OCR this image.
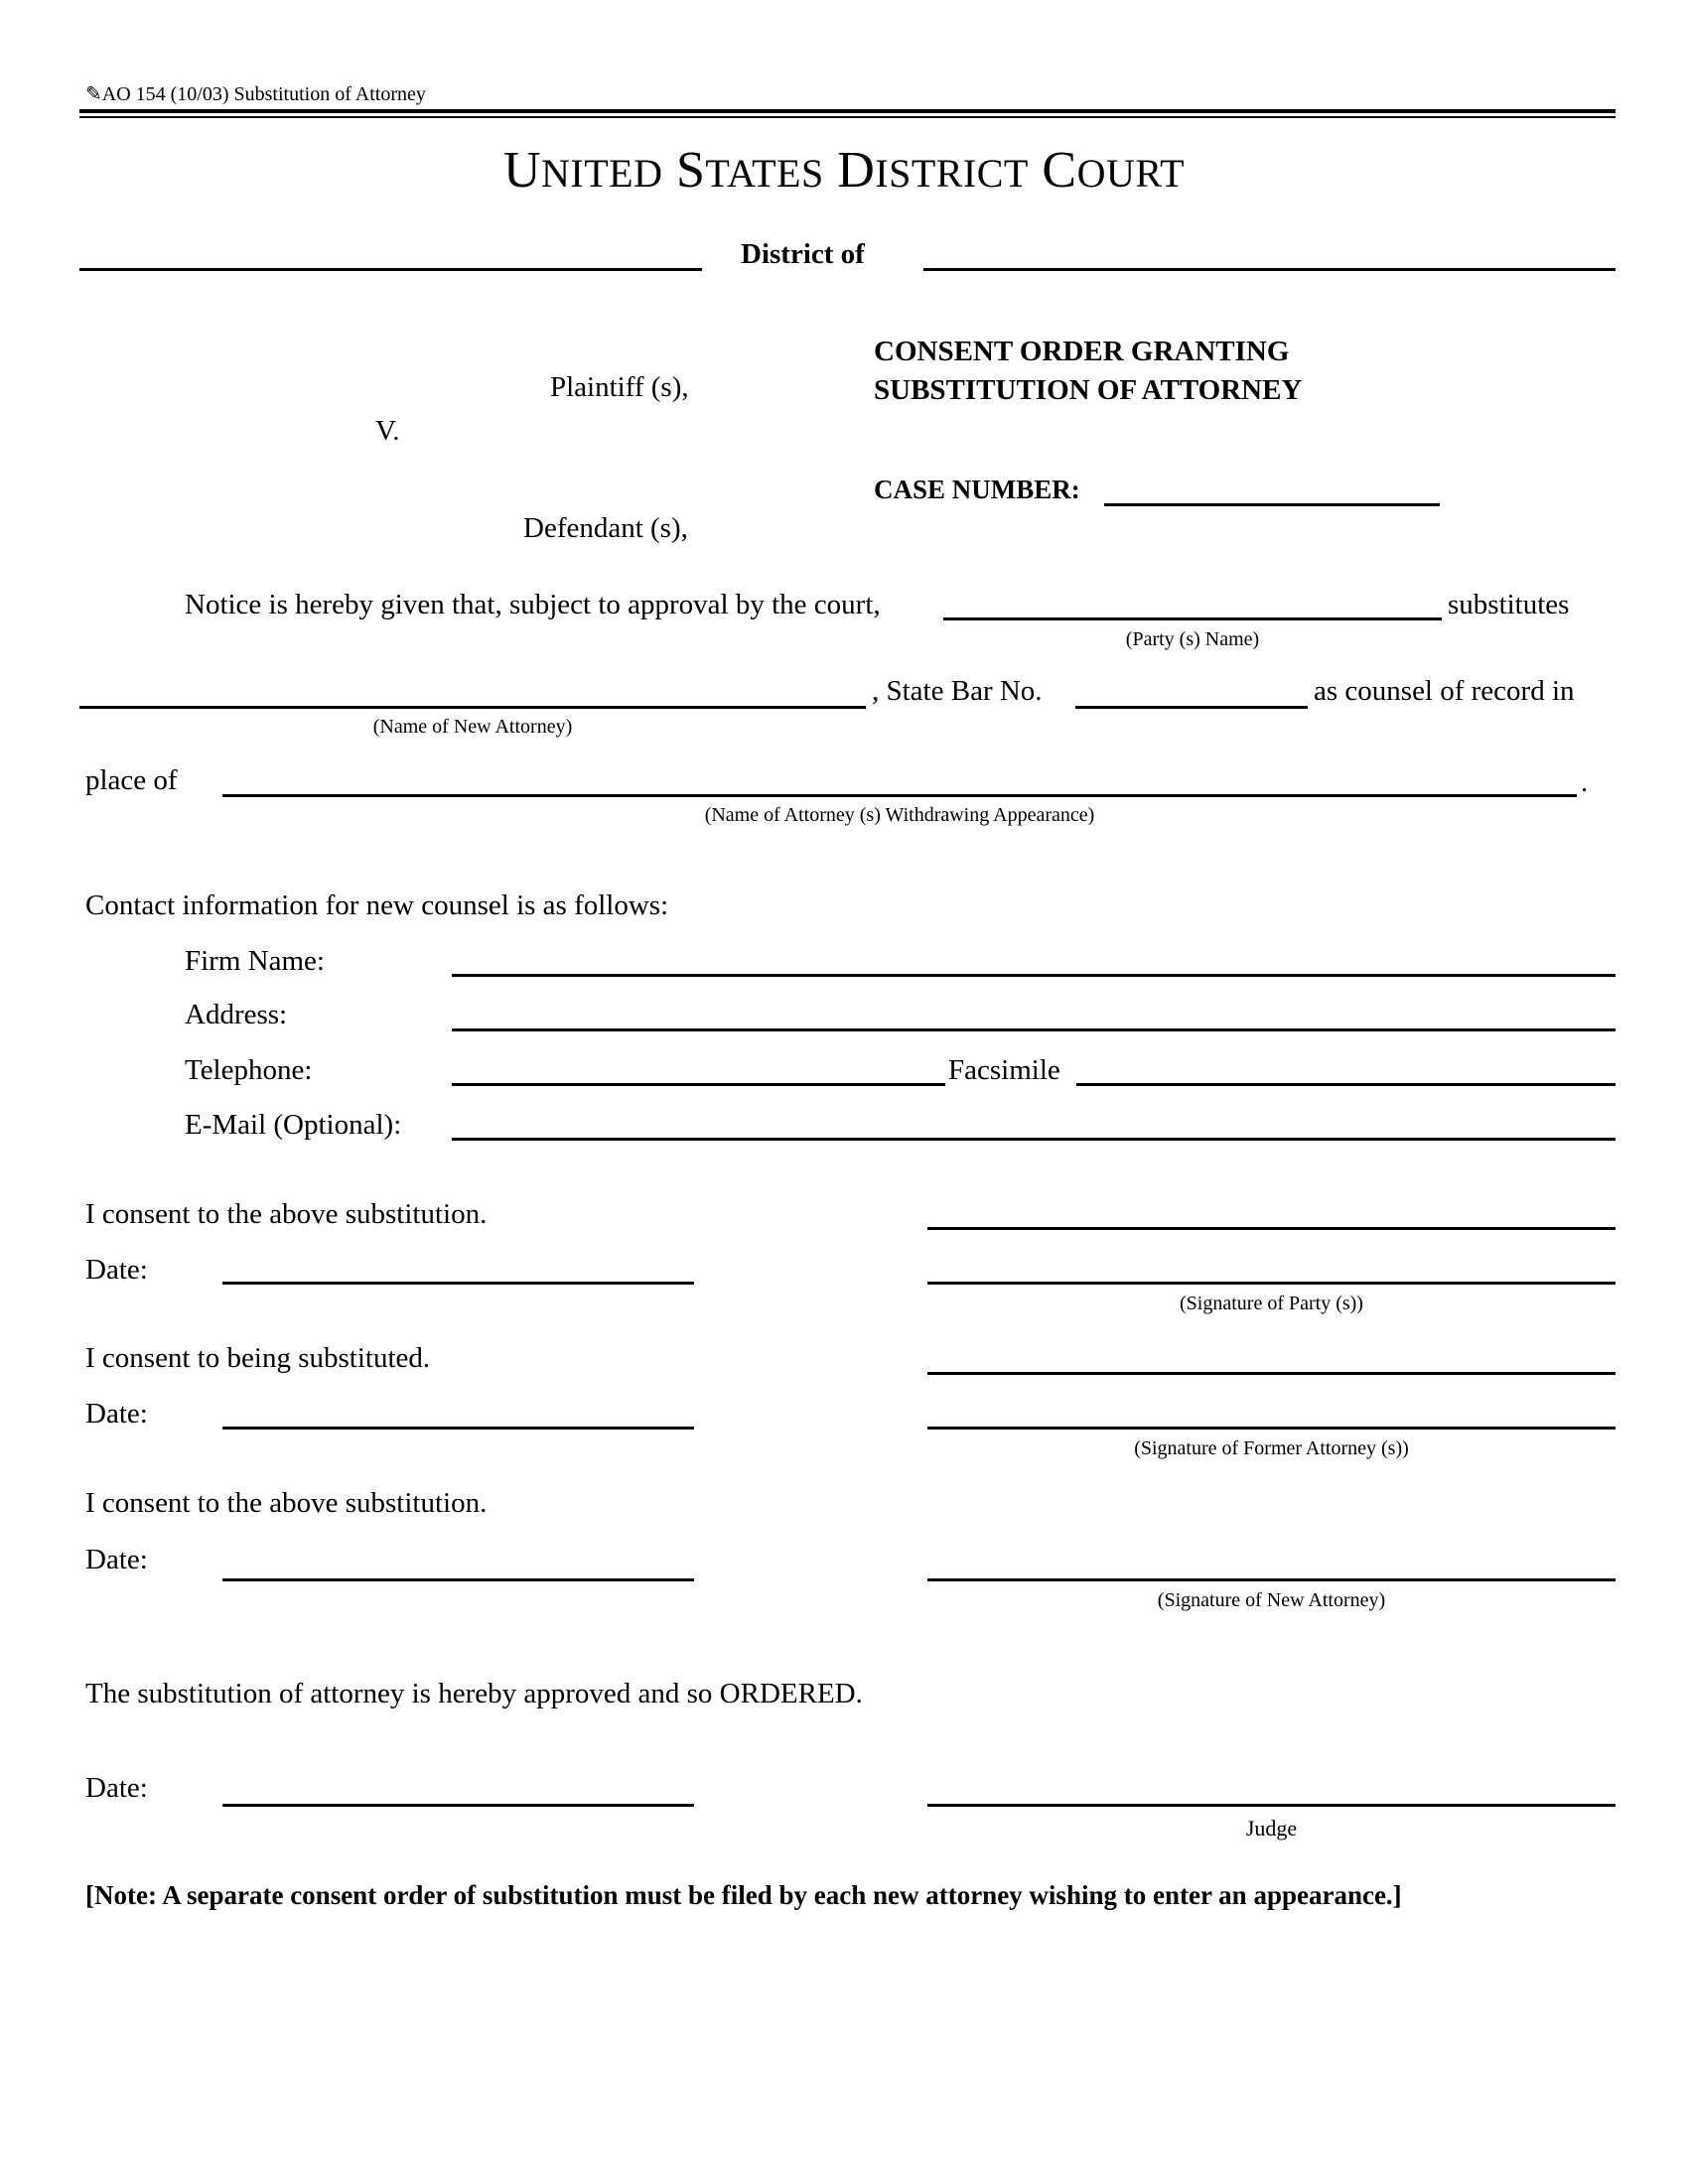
✎AO 154 (10/03) Substitution of Attorney
UNITED STATES DISTRICT COURT
District of
Plaintiff (s),
V.
Defendant (s),
CONSENT ORDER GRANTING
SUBSTITUTION OF ATTORNEY
CASE NUMBER:
Notice is hereby given that, subject to approval by the court,	substitutes
(Party (s) Name)
, State Bar No.	as counsel of record in
(Name of New Attorney)
place of	.
(Name of Attorney (s) Withdrawing Appearance)
Contact information for new counsel is as follows:
Firm Name:
Address:
Telephone:	Facsimile
E-Mail (Optional):
I consent to the above substitution.
Date:
(Signature of Party (s))
I consent to being substituted.
Date:
(Signature of Former Attorney (s))
I consent to the above substitution.
Date:
(Signature of New Attorney)
The substitution of attorney is hereby approved and so ORDERED.
Date:
Judge
[Note: A separate consent order of substitution must be filed by each new attorney wishing to enter an appearance.]
